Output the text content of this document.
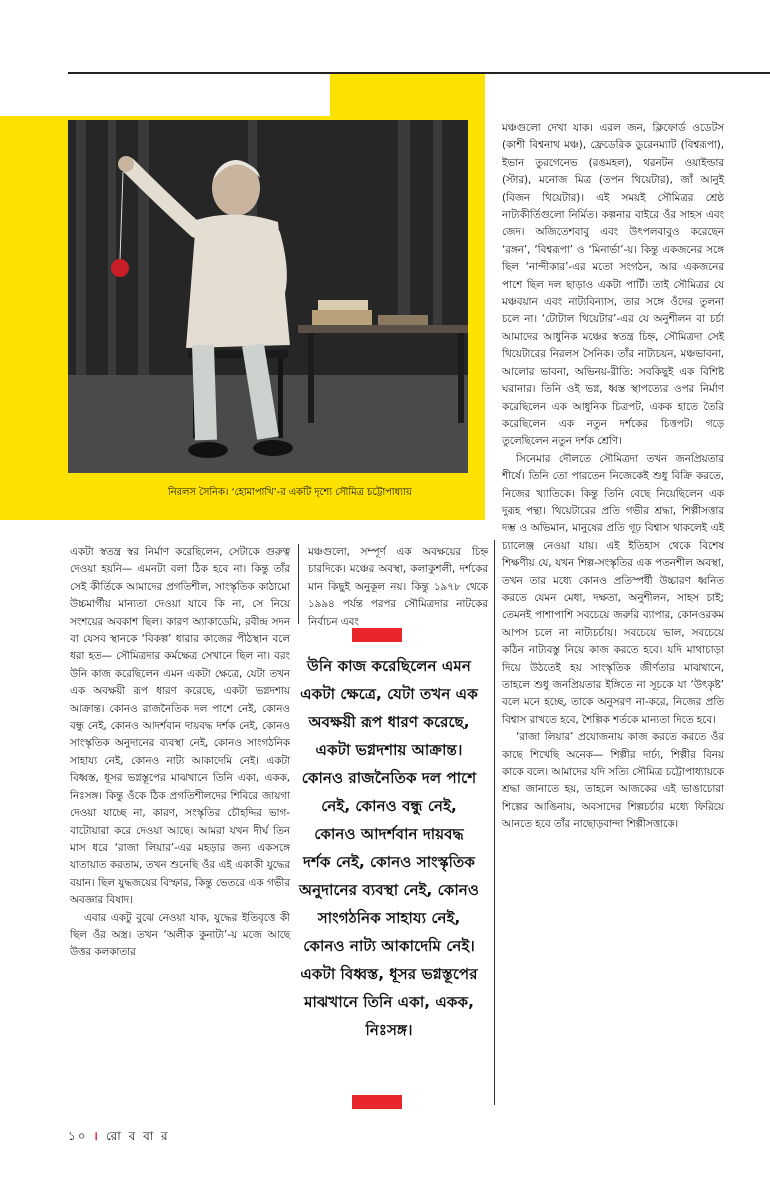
নিরলস সৈনিক। ‘হোমাপাখি’-র একটি দৃশ্যে সৌমিত্র চট্টোপাধ্যায়

মঞ্চগুলো দেখা যাক। এরল জন, ক্লিফোর্ড ওডেটস (কাশী বিশ্বনাথ মঞ্চ), ফ্রেডেরিক ডুরেনম্যাট (বিশ্বরূপা), ইভান তুরগেনেভ (রঙমহল), থরনটন ওয়াইল্ডার (স্টার), মনোজ মিত্র (তপন থিয়েটার), জাঁ আনুই (বিজন থিয়েটার)। এই সময়ই সৌমিত্রর শ্রেষ্ঠ নাট্যকীর্তিগুলো নির্মিত। কল্পনার বাইরে ওঁর সাহস এবং জেদ। অজিতেশবাবু এবং উৎপলবাবুও করেছেন ‘রঙ্গন’, ‘বিশ্বরূপা’ ও ‘মিনার্ভা’-য়। কিন্তু একজনের সঙ্গে ছিল ‘নান্দীকার’-এর মতো সংগঠন, আর একজনের পাশে ছিল দল ছাড়াও একটা পার্টি। তাই সৌমিত্রর যে মঞ্চবয়ান এবং নাট্যবিন্যাস, তার সঙ্গে ওঁদের তুলনা চলে না। ‘টোটাল থিয়েটার’-এর যে অনুশীলন বা চর্চা আমাদের আধুনিক মঞ্চের স্বতন্ত্র চিহ্ন, সৌমিত্রদা সেই থিয়েটারের নিরলস সৈনিক। তাঁর নাট্যচয়ন, মঞ্চভাবনা, আলোর ভাবনা, অভিনয়-রীতি: সবকিছুই এক বিশিষ্ট ঘরানার। তিনি ওই ভগ্ন, ধ্বস্ত স্থাপত্যের ওপর নির্মাণ করেছিলেন এক আধুনিক চিত্রপট, একক হাতে তৈরি করেছিলেন এক নতুন দর্শকের চিত্তপট। গড়ে তুলেছিলেন নতুন দর্শক শ্রেণি।

সিনেমার দৌলতে সৌমিত্রদা তখন জনপ্রিয়তার শীর্ষে। তিনি তো পারতেন নিজেকেই শুধু বিক্রি করতে, নিজের খ্যাতিকে। কিন্তু তিনি বেছে নিয়েছিলেন এক দুরূহ পন্থা। থিয়েটারের প্রতি গভীর শ্রদ্ধা, শিল্পীসত্তার দম্ভ ও অভিমান, মানুষের প্রতি গূঢ় বিশ্বাস থাকলেই এই চ্যালেঞ্জ নেওয়া যায়। এই ইতিহাস থেকে বিশেষ শিক্ষণীয় যে, যখন শিল্প-সংস্কৃতির এক পতনশীল অবস্থা, তখন তার মধ্যে কোনও প্রতিস্পর্ধী উচ্চারণ ধ্বনিত করতে যেমন মেধা, দক্ষতা, অনুশীলন, সাহস চাই; তেমনই পাশাপাশি সবচেয়ে জরুরি ব্যাপার, কোনওরকম আপস চলে না নাট্যচর্চায়। সবচেয়ে ভাল, সবচেয়ে কঠিন নাট্যবস্তু নিয়ে কাজ করতে হবে। যদি মাথাচাড়া দিয়ে উঠতেই হয় সাংস্কৃতিক জীর্ণতার মাঝখানে, তাহলে শুধু জনপ্রিয়তার ইঙ্গিতে না সূচকে যা ‘উৎকৃষ্ট’ বলে মনে হচ্ছে, তাকে অনুসরণ না-করে, নিজের প্রতি বিশ্বাস রাখতে হবে, শৈল্পিক শর্তকে মান্যতা দিতে হবে।

‘রাজা লিয়ার’ প্রযোজনায় কাজ করতে করতে ওঁর কাছে শিখেছি অনেক— শিল্পীর দার্ঢ্য, শিল্পীর বিনয় কাকে বলে। আমাদের যদি সত্যি সৌমিত্র চট্টোপাধ্যায়কে শ্রদ্ধা জানাতে হয়, তাহলে আজকের এই ভাঙাচোরা শিল্পের আঙিনায়, অবসাদের শিল্পচর্চার মধ্যে ফিরিয়ে আনতে হবে তাঁর নাছোড়বান্দা শিল্পীসত্তাকে।

একটা স্বতন্ত্র স্বর নির্মাণ করেছিলেন, সেটাকে গুরুত্ব দেওয়া হয়নি— এমনটা বলা ঠিক হবে না। কিন্তু তাঁর সেই কীর্তিকে আমাদের প্রগতিশীল, সাংস্কৃতিক কাঠামো উচ্চমার্গীয় মান্যতা দেওয়া যাবে কি না, সে নিয়ে সংশয়ের অবকাশ ছিল। কারণ অ্যাকাডেমি, রবীন্দ্র সদন বা যেসব স্থানকে ‘বিকল্প’ ধারার কাজের পীঠস্থান বলে ধরা হত— সৌমিত্রদার কর্মক্ষেত্র সেখানে ছিল না। বরং উনি কাজ করেছিলেন এমন একটা ক্ষেত্রে, যেটা তখন এক অবক্ষয়ী রূপ ধারণ করেছে, একটা ভগ্নদশায় আক্রান্ত। কোনও রাজনৈতিক দল পাশে নেই, কোনও বন্ধু নেই, কোনও আদর্শবান দায়বদ্ধ দর্শক নেই, কোনও সাংস্কৃতিক অনুদানের ব্যবস্থা নেই, কোনও সাংগঠনিক সাহায্য নেই, কোনও নাট্য আকাদেমি নেই। একটা বিধ্বস্ত, ধূসর ভগ্নস্তূপের মাঝখানে তিনি একা, একক, নিঃসঙ্গ। কিন্তু ওঁকে ঠিক প্রগতিশীলদের শিবিরে জায়গা দেওয়া যাচ্ছে না, কারণ, সংস্কৃতির চৌহদ্দির ভাগ-বাটোয়ারা করে দেওয়া আছে। আমরা যখন দীর্ঘ তিন মাস ধরে ‘রাজা লিয়ার’-এর মহড়ার জন্য একসঙ্গে যাতায়াত করতাম, তখন শুনেছি ওঁর এই একাকী যুদ্ধের বয়ান। ছিল যুদ্ধজয়ের বিস্ফার, কিন্তু ভেতরে এক গভীর অবজ্ঞার বিষাদ।

এবার একটু বুঝে নেওয়া যাক, যুদ্ধের ইতিবৃত্তে কী ছিল ওঁর অস্ত্র। তখন ‘অলীক কুনাট্য’-য় মজে আছে উত্তর কলকাতার

মঞ্চগুলো, সম্পূর্ণ এক অবক্ষয়ের চিহ্ন চারদিকে। মঞ্চের অবস্থা, কলাকুশলী, দর্শকের মান কিছুই অনুকূল নয়। কিন্তু ১৯৭৮ থেকে ১৯৯৪ পর্যন্ত পরপর সৌমিত্রদার নাটকের নির্বাচন এবং

উনি কাজ করেছিলেন এমন একটা ক্ষেত্রে, যেটা তখন এক অবক্ষয়ী রূপ ধারণ করেছে, একটা ভগ্নদশায় আক্রান্ত। কোনও রাজনৈতিক দল পাশে নেই, কোনও বন্ধু নেই, কোনও আদর্শবান দায়বদ্ধ দর্শক নেই, কোনও সাংস্কৃতিক অনুদানের ব্যবস্থা নেই, কোনও সাংগঠনিক সাহায্য নেই, কোনও নাট্য আকাদেমি নেই। একটা বিধ্বস্ত, ধূসর ভগ্নস্তূপের মাঝখানে তিনি একা, একক, নিঃসঙ্গ।
১০ । রো ব বা র
